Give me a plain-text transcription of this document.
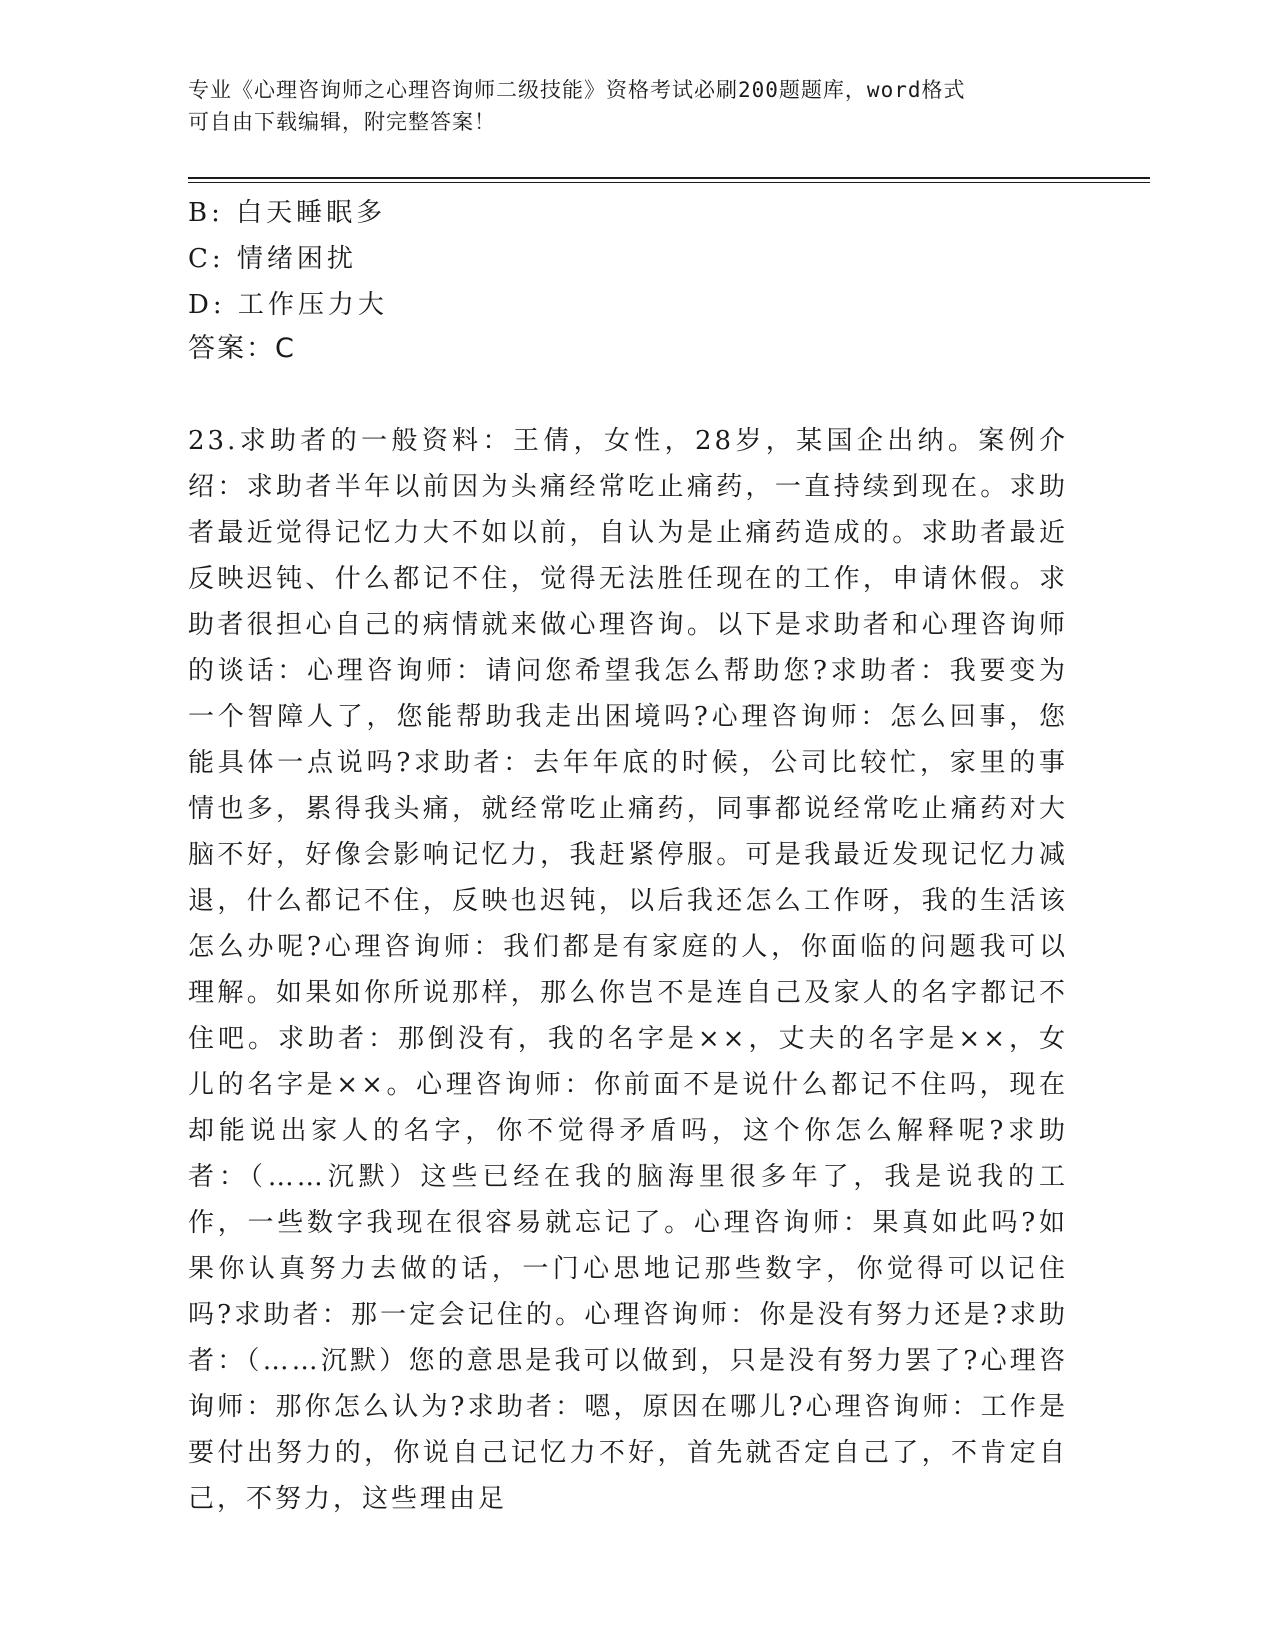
专业《心理咨询师之心理咨询师二级技能》资格考试必刷200题题库，word格式
可自由下载编辑，附完整答案！
B: 白天睡眠多
C: 情绪困扰
D: 工作压力大
答案：C
23.求助者的一般资料：王倩，女性，28岁，某国企出纳。案例介绍：求助者半年以前因为头痛经常吃止痛药，一直持续到现在。求助者最近觉得记忆力大不如以前，自认为是止痛药造成的。求助者最近反映迟钝、什么都记不住，觉得无法胜任现在的工作，申请休假。求助者很担心自己的病情就来做心理咨询。以下是求助者和心理咨询师的谈话：心理咨询师：请问您希望我怎么帮助您?求助者：我要变为一个智障人了，您能帮助我走出困境吗?心理咨询师：怎么回事，您能具体一点说吗?求助者：去年年底的时候，公司比较忙，家里的事情也多，累得我头痛，就经常吃止痛药，同事都说经常吃止痛药对大脑不好，好像会影响记忆力，我赶紧停服。可是我最近发现记忆力减退，什么都记不住，反映也迟钝，以后我还怎么工作呀，我的生活该怎么办呢?心理咨询师：我们都是有家庭的人，你面临的问题我可以理解。如果如你所说那样，那么你岂不是连自己及家人的名字都记不住吧。求助者：那倒没有，我的名字是××，丈夫的名字是××，女儿的名字是××。心理咨询师：你前面不是说什么都记不住吗，现在却能说出家人的名字，你不觉得矛盾吗，这个你怎么解释呢?求助者：（……沉默）这些已经在我的脑海里很多年了，我是说我的工作，一些数字我现在很容易就忘记了。心理咨询师：果真如此吗?如果你认真努力去做的话，一门心思地记那些数字，你觉得可以记住吗?求助者：那一定会记住的。心理咨询师：你是没有努力还是?求助者：（……沉默）您的意思是我可以做到，只是没有努力罢了?心理咨询师：那你怎么认为?求助者：嗯，原因在哪儿?心理咨询师：工作是要付出努力的，你说自己记忆力不好，首先就否定自己了，不肯定自己，不努力，这些理由足
